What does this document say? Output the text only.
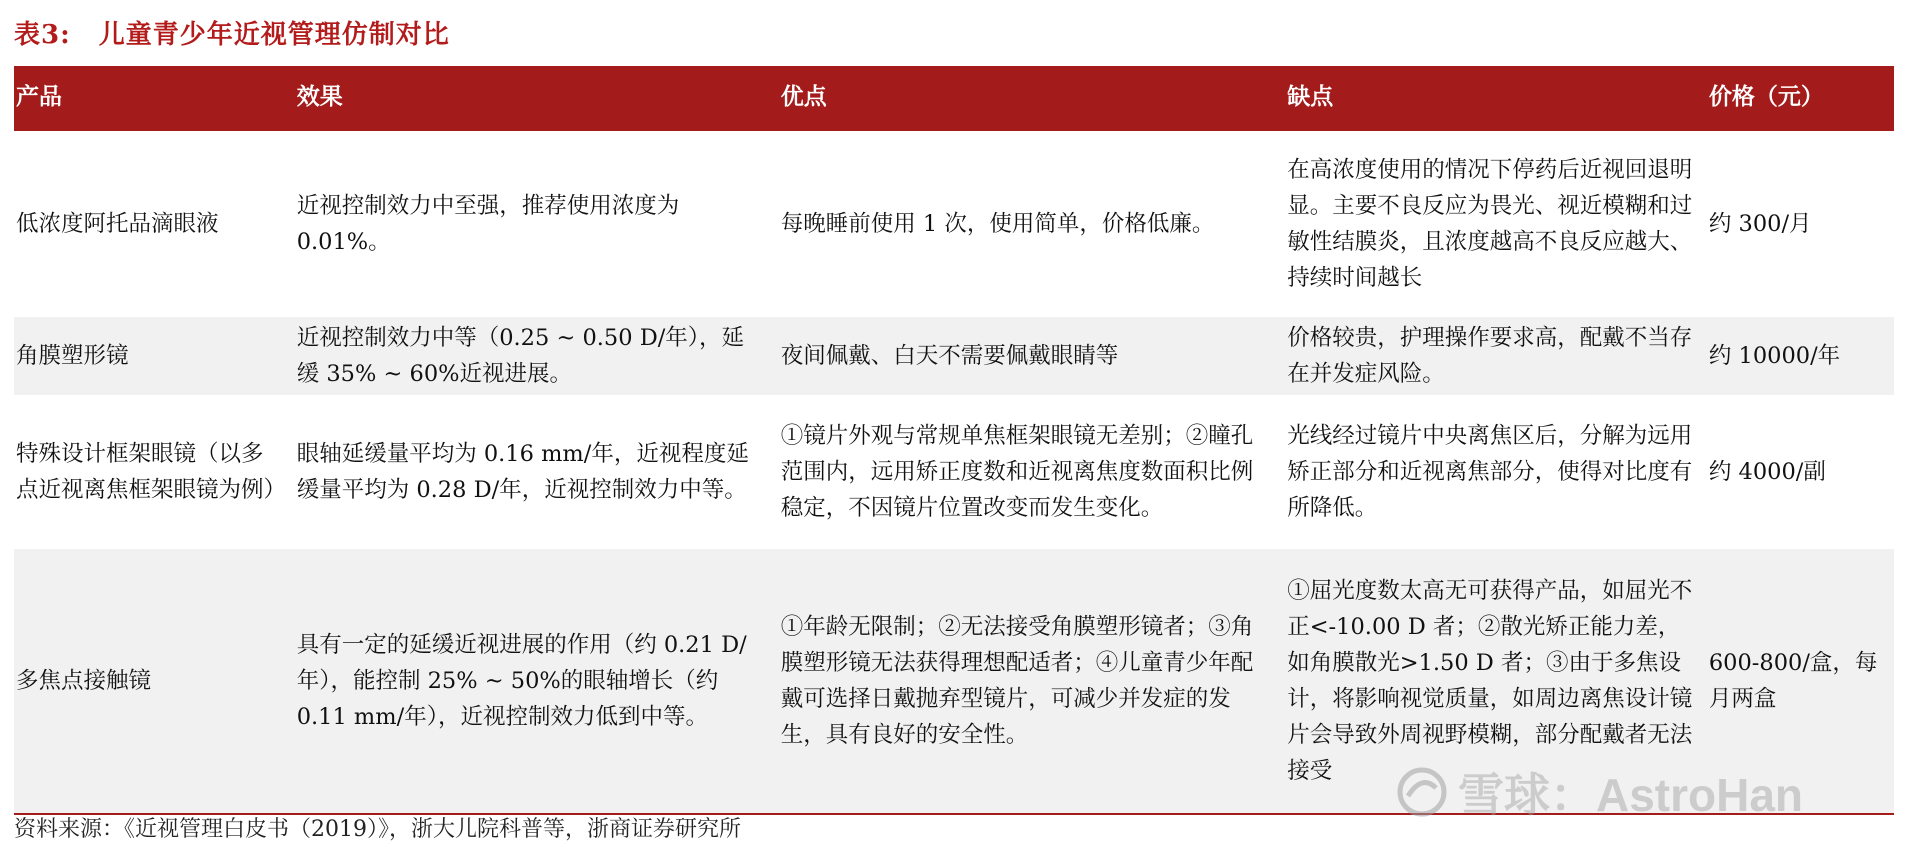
表3: 儿童青少年近视管理仿制对比
产品	效果	优点	缺点	价格（元）
低浓度阿托品滴眼液	近视控制效力中至强，推荐使用浓度为 0.01%。	每晚睡前使用 1 次，使用简单，价格低廉。	在高浓度使用的情况下停药后近视回退明显。主要不良反应为畏光、视近模糊和过敏性结膜炎，且浓度越高不良反应越大、持续时间越长	约 300/月
角膜塑形镜	近视控制效力中等（0.25 ~ 0.50 D/年），延缓 35% ~ 60%近视进展。	夜间佩戴、白天不需要佩戴眼睛等	价格较贵，护理操作要求高，配戴不当存在并发症风险。	约 10000/年
特殊设计框架眼镜（以多点近视离焦框架眼镜为例）	眼轴延缓量平均为 0.16 mm/年，近视程度延缓量平均为 0.28 D/年，近视控制效力中等。	①镜片外观与常规单焦框架眼镜无差别；②瞳孔范围内，远用矫正度数和近视离焦度数面积比例稳定，不因镜片位置改变而发生变化。	光线经过镜片中央离焦区后，分解为远用矫正部分和近视离焦部分，使得对比度有所降低。	约 4000/副
多焦点接触镜	具有一定的延缓近视进展的作用（约 0.21 D/年），能控制 25% ~ 50%的眼轴增长（约 0.11 mm/年），近视控制效力低到中等。	①年龄无限制；②无法接受角膜塑形镜者；③角膜塑形镜无法获得理想配适者；④儿童青少年配戴可选择日戴抛弃型镜片，可减少并发症的发生，具有良好的安全性。	①屈光度数太高无可获得产品，如屈光不正<-10.00 D 者；②散光矫正能力差，如角膜散光>1.50 D 者；③由于多焦设计，将影响视觉质量，如周边离焦设计镜片会导致外周视野模糊，部分配戴者无法接受	600-800/盒，每月两盒
资料来源：《近视管理白皮书（2019）》，浙大儿院科普等，浙商证券研究所
雪球：AstroHan
